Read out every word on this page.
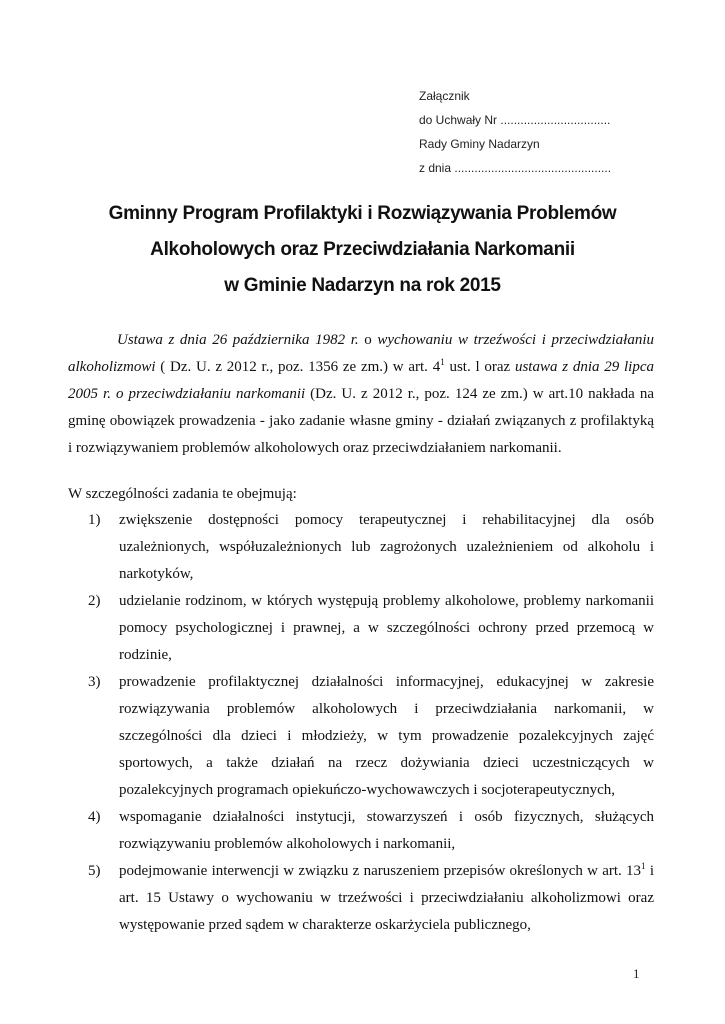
Załącznik
do Uchwały Nr .................................
Rady Gminy Nadarzyn
z dnia ...............................................
Gminny Program Profilaktyki i Rozwiązywania Problemów
Alkoholowych oraz Przeciwdziałania Narkomanii
w Gminie Nadarzyn na rok 2015
Ustawa z dnia 26 października 1982 r. o wychowaniu w trzeźwości i przeciwdziałaniu alkoholizmowi ( Dz. U. z 2012 r., poz. 1356 ze zm.) w art. $4^1$ ust. l oraz ustawa z dnia 29 lipca 2005 r. o przeciwdziałaniu narkomanii (Dz. U. z 2012 r., poz. 124 ze zm.) w art.10 nakłada na gminę obowiązek prowadzenia - jako zadanie własne gminy - działań związanych z profilaktyką i rozwiązywaniem problemów alkoholowych oraz przeciwdziałaniem narkomanii.
W szczególności zadania te obejmują:
1) zwiększenie dostępności pomocy terapeutycznej i rehabilitacyjnej dla osób uzależnionych, współuzależnionych lub zagrożonych uzależnieniem od alkoholu i narkotyków,
2) udzielanie rodzinom, w których występują problemy alkoholowe, problemy narkomanii pomocy psychologicznej i prawnej, a w szczególności ochrony przed przemocą w rodzinie,
3) prowadzenie profilaktycznej działalności informacyjnej, edukacyjnej w zakresie rozwiązywania problemów alkoholowych i przeciwdziałania narkomanii, w szczególności dla dzieci i młodzieży, w tym prowadzenie pozalekcyjnych zajęć sportowych, a także działań na rzecz dożywiania dzieci uczestniczących w pozalekcyjnych programach opiekuńczo-wychowawczych i socjoterapeutycznych,
4) wspomaganie działalności instytucji, stowarzyszeń i osób fizycznych, służących rozwiązywaniu problemów alkoholowych i narkomanii,
5) podejmowanie interwencji w związku z naruszeniem przepisów określonych w art. $13^1$ i art. 15 Ustawy o wychowaniu w trzeźwości i przeciwdziałaniu alkoholizmowi oraz występowanie przed sądem w charakterze oskarżyciela publicznego,
1
